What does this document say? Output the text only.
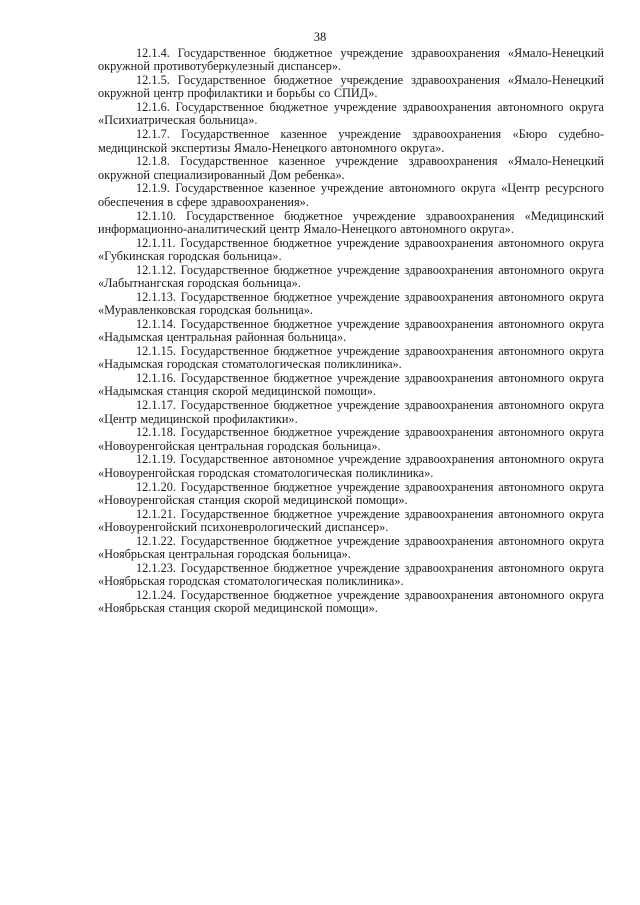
38

12.1.4. Государственное бюджетное учреждение здравоохранения «Ямало-Ненецкий окружной противотуберкулезный диспансер».

12.1.5. Государственное бюджетное учреждение здравоохранения «Ямало-Ненецкий окружной центр профилактики и борьбы со СПИД».

12.1.6. Государственное бюджетное учреждение здравоохранения автономного округа «Психиатрическая больница».

12.1.7. Государственное казенное учреждение здравоохранения «Бюро судебно-медицинской экспертизы Ямало-Ненецкого автономного округа».

12.1.8. Государственное казенное учреждение здравоохранения «Ямало-Ненецкий окружной специализированный Дом ребенка».

12.1.9. Государственное казенное учреждение автономного округа «Центр ресурсного обеспечения в сфере здравоохранения».

12.1.10. Государственное бюджетное учреждение здравоохранения «Медицинский информационно-аналитический центр Ямало-Ненецкого автономного округа».

12.1.11. Государственное бюджетное учреждение здравоохранения автономного округа «Губкинская городская больница».

12.1.12. Государственное бюджетное учреждение здравоохранения автономного округа «Лабытнангская городская больница».

12.1.13. Государственное бюджетное учреждение здравоохранения автономного округа «Муравленковская городская больница».

12.1.14. Государственное бюджетное учреждение здравоохранения автономного округа «Надымская центральная районная больница».

12.1.15. Государственное бюджетное учреждение здравоохранения автономного округа «Надымская городская стоматологическая поликлиника».

12.1.16. Государственное бюджетное учреждение здравоохранения автономного округа «Надымская станция скорой медицинской помощи».

12.1.17. Государственное бюджетное учреждение здравоохранения автономного округа «Центр медицинской профилактики».

12.1.18. Государственное бюджетное учреждение здравоохранения автономного округа «Новоуренгойская центральная городская больница».

12.1.19. Государственное автономное учреждение здравоохранения автономного округа «Новоуренгойская городская стоматологическая поликлиника».

12.1.20. Государственное бюджетное учреждение здравоохранения автономного округа «Новоуренгойская станция скорой медицинской помощи».

12.1.21. Государственное бюджетное учреждение здравоохранения автономного округа «Новоуренгойский психоневрологический диспансер».

12.1.22. Государственное бюджетное учреждение здравоохранения автономного округа «Ноябрьская центральная городская больница».

12.1.23. Государственное бюджетное учреждение здравоохранения автономного округа «Ноябрьская городская стоматологическая поликлиника».

12.1.24. Государственное бюджетное учреждение здравоохранения автономного округа «Ноябрьская станция скорой медицинской помощи».
